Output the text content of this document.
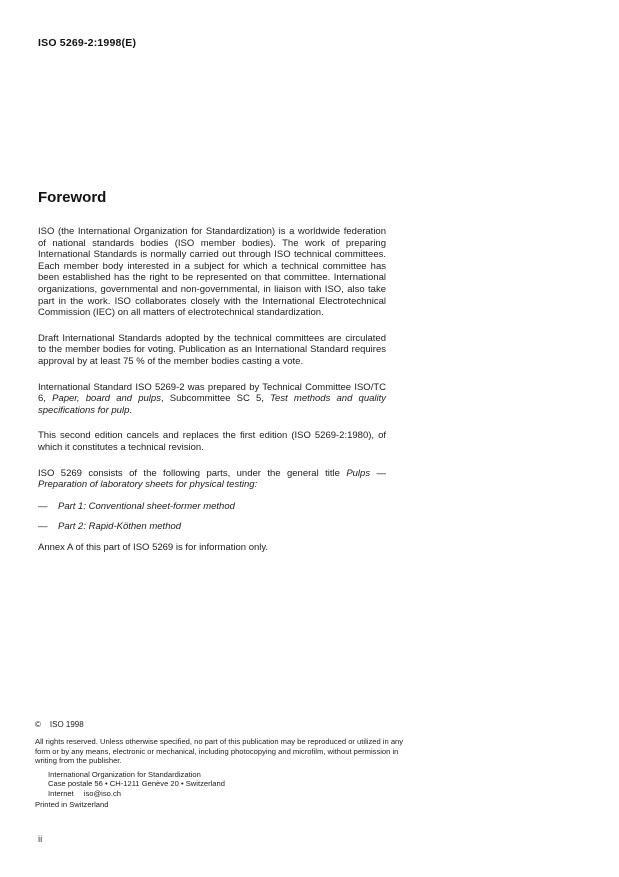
ISO 5269-2:1998(E)
Foreword

ISO (the International Organization for Standardization) is a worldwide federation of national standards bodies (ISO member bodies). The work of preparing International Standards is normally carried out through ISO technical committees. Each member body interested in a subject for which a technical committee has been established has the right to be represented on that committee. International organizations, governmental and non-governmental, in liaison with ISO, also take part in the work. ISO collaborates closely with the International Electrotechnical Commission (IEC) on all matters of electrotechnical standardization.

Draft International Standards adopted by the technical committees are circulated to the member bodies for voting. Publication as an International Standard requires approval by at least 75 % of the member bodies casting a vote.

International Standard ISO 5269-2 was prepared by Technical Committee ISO/TC 6, Paper, board and pulps, Subcommittee SC 5, Test methods and quality specifications for pulp.

This second edition cancels and replaces the first edition (ISO 5269-2:1980), of which it constitutes a technical revision.

ISO 5269 consists of the following parts, under the general title Pulps — Preparation of laboratory sheets for physical testing:

—	Part 1: Conventional sheet-former method
—	Part 2: Rapid-Köthen method

Annex A of this part of ISO 5269 is for information only.

© ISO 1998

All rights reserved. Unless otherwise specified, no part of this publication may be reproduced or utilized in any form or by any means, electronic or mechanical, including photocopying and microfilm, without permission in writing from the publisher.

International Organization for Standardization
Case postale 56 • CH-1211 Genève 20 • Switzerland
Internet iso@iso.ch
Printed in Switzerland
ii
